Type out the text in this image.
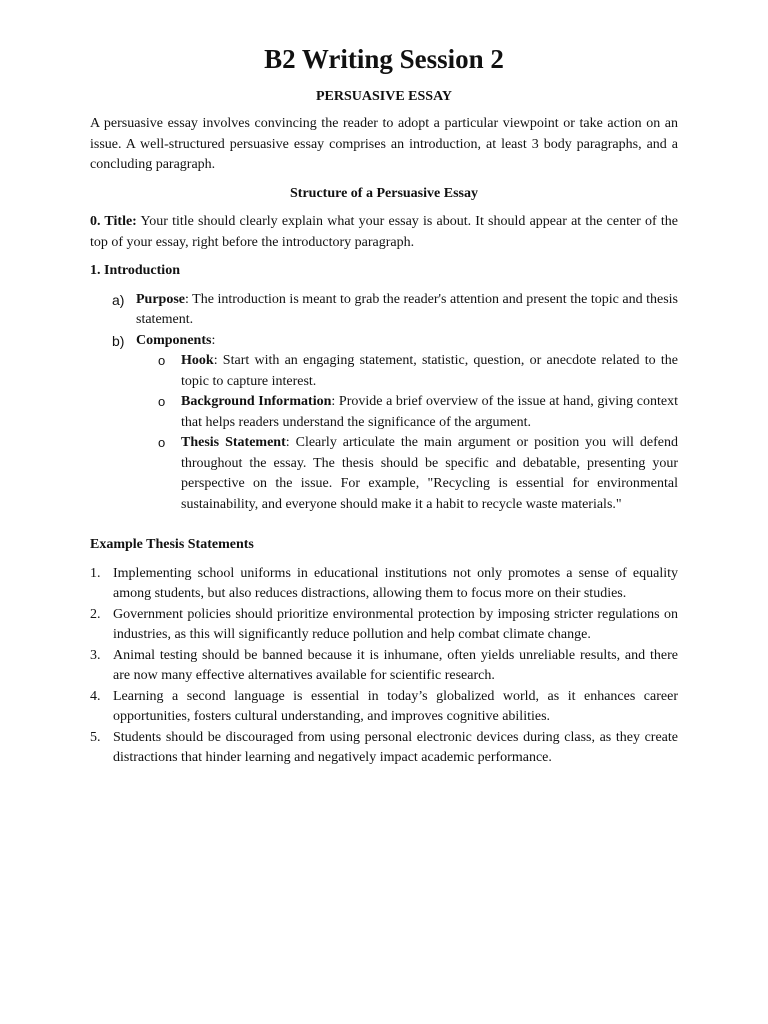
B2 Writing Session 2
PERSUASIVE ESSAY

A persuasive essay involves convincing the reader to adopt a particular viewpoint or take action on an issue. A well-structured persuasive essay comprises an introduction, at least 3 body paragraphs, and a concluding paragraph.

Structure of a Persuasive Essay

0. Title: Your title should clearly explain what your essay is about. It should appear at the center of the top of your essay, right before the introductory paragraph.

1. Introduction
a) Purpose: The introduction is meant to grab the reader's attention and present the topic and thesis statement.
b) Components:
o Hook: Start with an engaging statement, statistic, question, or anecdote related to the topic to capture interest.
o Background Information: Provide a brief overview of the issue at hand, giving context that helps readers understand the significance of the argument.
o Thesis Statement: Clearly articulate the main argument or position you will defend throughout the essay. The thesis should be specific and debatable, presenting your perspective on the issue. For example, "Recycling is essential for environmental sustainability, and everyone should make it a habit to recycle waste materials."
Example Thesis Statements
1. Implementing school uniforms in educational institutions not only promotes a sense of equality among students, but also reduces distractions, allowing them to focus more on their studies.
2. Government policies should prioritize environmental protection by imposing stricter regulations on industries, as this will significantly reduce pollution and help combat climate change.
3. Animal testing should be banned because it is inhumane, often yields unreliable results, and there are now many effective alternatives available for scientific research.
4. Learning a second language is essential in today’s globalized world, as it enhances career opportunities, fosters cultural understanding, and improves cognitive abilities.
5. Students should be discouraged from using personal electronic devices during class, as they create distractions that hinder learning and negatively impact academic performance.
